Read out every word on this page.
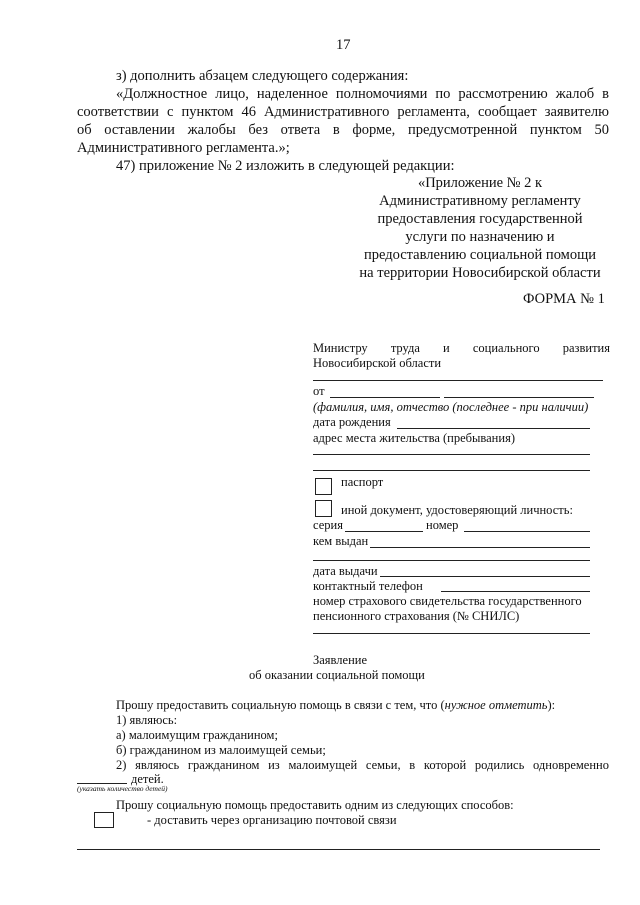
17
з) дополнить абзацем следующего содержания:
«Должностное лицо, наделенное полномочиями по рассмотрению жалоб в
соответствии с пунктом 46 Административного регламента, сообщает заявителю
об оставлении жалобы без ответа в форме, предусмотренной пунктом 50
Административного регламента.»;
47) приложение № 2 изложить в следующей редакции:
«Приложение № 2 к
Административному регламенту
предоставления государственной
услуги по назначению и
предоставлению социальной помощи
на территории Новосибирской области
ФОРМА № 1
Министру труда и социального развития
Новосибирской области
от
(фамилия, имя, отчество (последнее - при наличии)
дата рождения
адрес места жительства (пребывания)
паспорт
иной документ, удостоверяющий личность:
серия	номер
кем выдан
дата выдачи
контактный телефон
номер страхового свидетельства государственного
пенсионного страхования (№ СНИЛС)
Заявление
об оказании социальной помощи
Прошу предоставить социальную помощь в связи с тем, что (нужное отметить):
1) являюсь:
а) малоимущим гражданином;
б) гражданином из малоимущей семьи;
2) являюсь гражданином из малоимущей семьи, в которой родились одновременно
детей.
(указать количество детей)
Прошу социальную помощь предоставить одним из следующих способов:
- доставить через организацию почтовой связи
